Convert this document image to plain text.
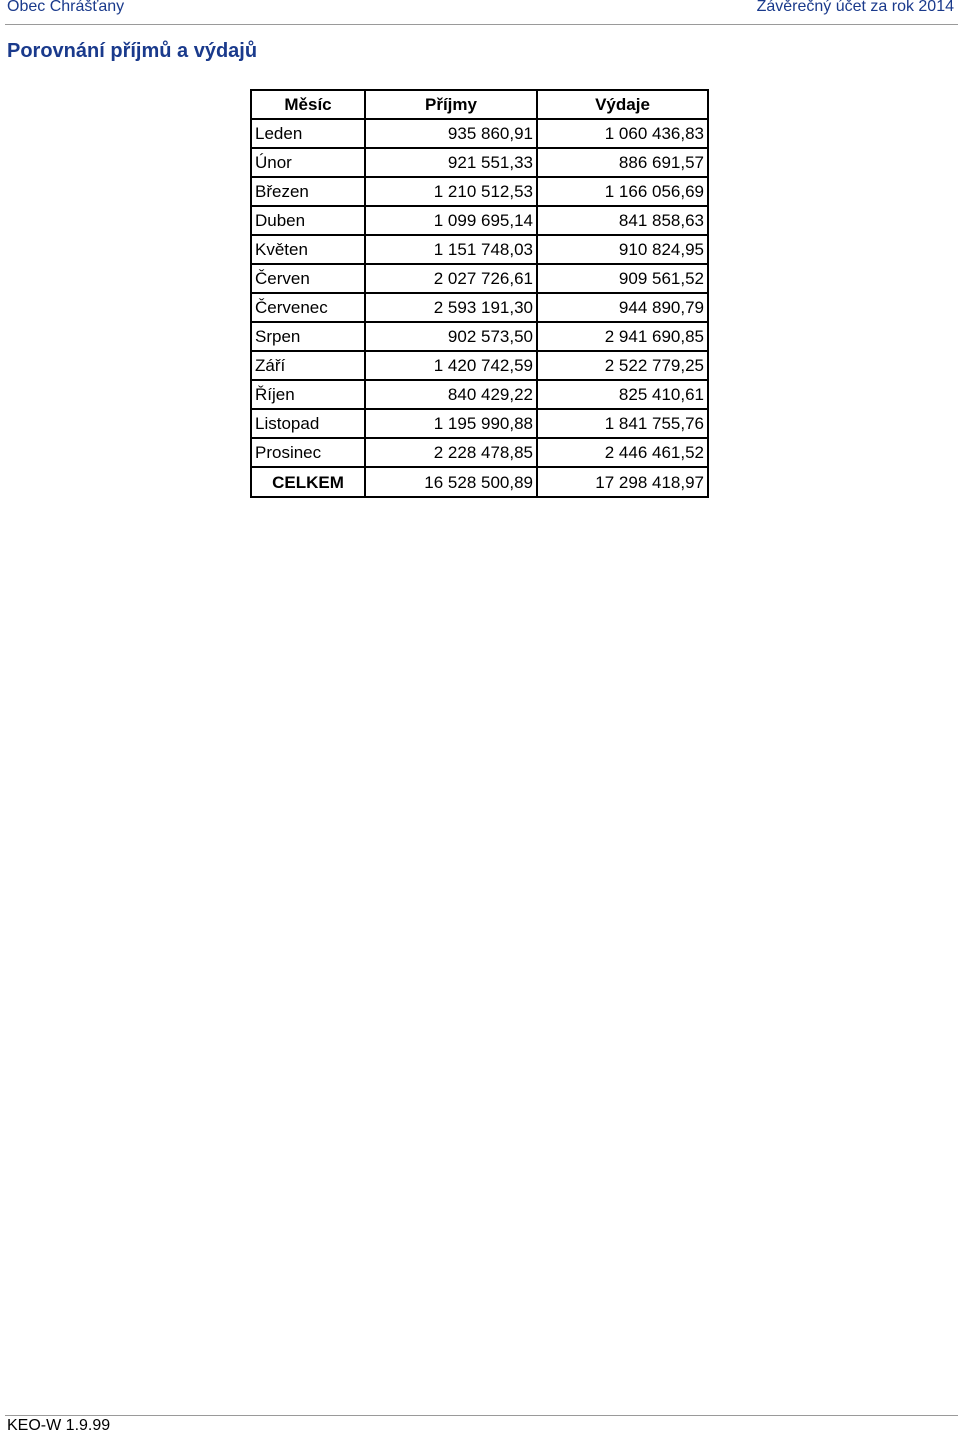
Obec Chrášťany	Závěrečný účet za rok 2014
Porovnání příjmů a výdajů
Měsíc	Příjmy	Výdaje
Leden	935 860,91	1 060 436,83
Únor	921 551,33	886 691,57
Březen	1 210 512,53	1 166 056,69
Duben	1 099 695,14	841 858,63
Květen	1 151 748,03	910 824,95
Červen	2 027 726,61	909 561,52
Červenec	2 593 191,30	944 890,79
Srpen	902 573,50	2 941 690,85
Září	1 420 742,59	2 522 779,25
Říjen	840 429,22	825 410,61
Listopad	1 195 990,88	1 841 755,76
Prosinec	2 228 478,85	2 446 461,52
CELKEM	16 528 500,89	17 298 418,97
KEO-W 1.9.99
